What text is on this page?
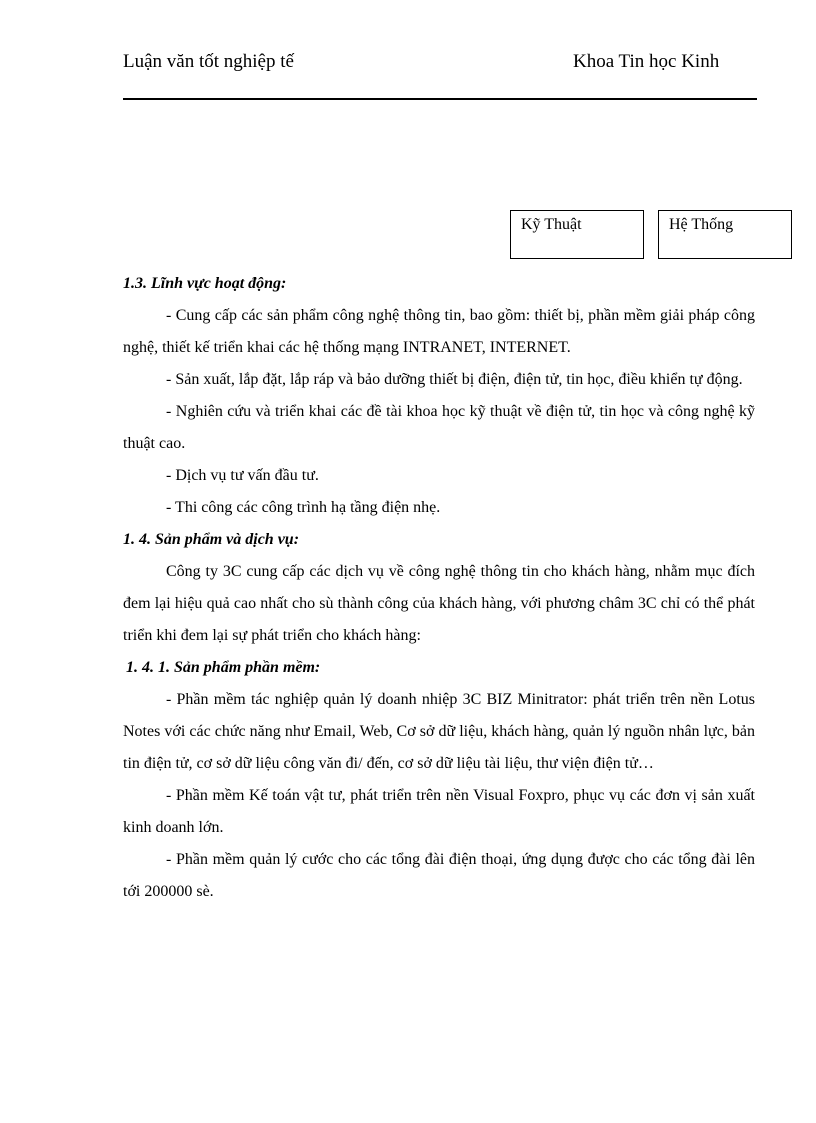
Luận văn tốt nghiệp tế	Khoa Tin học Kinh
Kỹ Thuật	Hệ Thống

1.3. Lĩnh vực hoạt động:

- Cung cấp các sản phẩm công nghệ thông tin, bao gồm: thiết bị, phần mềm giải pháp công nghệ, thiết kế triển khai các hệ thống mạng INTRANET, INTERNET.

- Sản xuất, lắp đặt, lắp ráp và bảo dưỡng thiết bị điện, điện tử, tin học, điều khiển tự động.

- Nghiên cứu và triển khai các đề tài khoa học kỹ thuật về điện tử, tin học và công nghệ kỹ thuật cao.

- Dịch vụ tư vấn đầu tư.

- Thi công các công trình hạ tầng điện nhẹ.

1. 4. Sản phẩm và dịch vụ:

Công ty 3C cung cấp các dịch vụ về công nghệ thông tin cho khách hàng, nhằm mục đích đem lại hiệu quả cao nhất cho sù thành công của khách hàng, với phương châm 3C chỉ có thể phát triển khi đem lại sự phát triển cho khách hàng:

1. 4. 1. Sản phẩm phần mềm:

- Phần mềm tác nghiệp quản lý doanh nhiệp 3C BIZ Minitrator: phát triển trên nền Lotus Notes với các chức năng như Email, Web, Cơ sở dữ liệu, khách hàng, quản lý nguồn nhân lực, bản tin điện tử, cơ sở dữ liệu công văn đi/ đến, cơ sở dữ liệu tài liệu, thư viện điện tử…

- Phần mềm Kế toán vật tư, phát triển trên nền Visual Foxpro, phục vụ các đơn vị sản xuất kinh doanh lớn.

- Phần mềm quản lý cước cho các tổng đài điện thoại, ứng dụng được cho các tổng đài lên tới 200000 sè.
